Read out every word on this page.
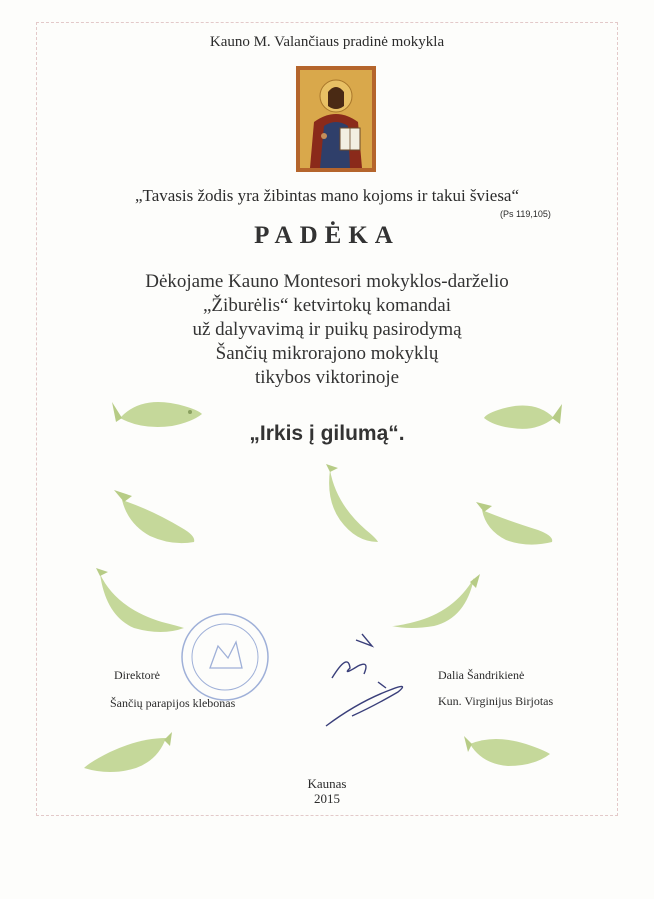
Kauno M. Valančiaus pradinė mokykla
„Tavasis žodis yra žibintas mano kojoms ir takui šviesa“
(Ps 119,105)
PADĖKA
Dėkojame Kauno Montesori mokyklos-darželio
„Žiburėlis“ ketvirtokų komandai
už dalyvavimą ir puikų pasirodymą
Šančių mikrorajono mokyklų
tikybos viktorinoje
„Irkis į gilumą“.
Direktorė
Šančių parapijos klebonas
Dalia Šandrikienė
Kun. Virginijus Birjotas
Kaunas
2015
